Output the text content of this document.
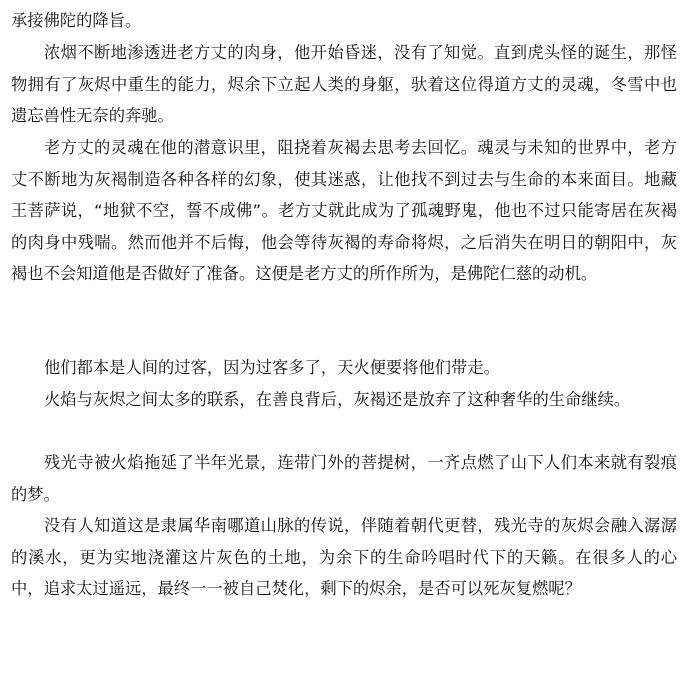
承接佛陀的降旨。

浓烟不断地渗透进老方丈的肉身，他开始昏迷，没有了知觉。直到虎头怪的诞生，那怪物拥有了灰烬中重生的能力，烬余下立起人类的身躯，驮着这位得道方丈的灵魂，冬雪中也遗忘兽性无奈的奔驰。

老方丈的灵魂在他的潜意识里，阻挠着灰褐去思考去回忆。魂灵与未知的世界中，老方丈不断地为灰褐制造各种各样的幻象，使其迷惑，让他找不到过去与生命的本来面目。地藏王菩萨说，“地狱不空，誓不成佛”。老方丈就此成为了孤魂野鬼，他也不过只能寄居在灰褐的肉身中残喘。然而他并不后悔，他会等待灰褐的寿命将烬，之后消失在明日的朝阳中，灰褐也不会知道他是否做好了准备。这便是老方丈的所作所为，是佛陀仁慈的动机。

他们都本是人间的过客，因为过客多了，天火便要将他们带走。

火焰与灰烬之间太多的联系，在善良背后，灰褐还是放弃了这种奢华的生命继续。

残光寺被火焰拖延了半年光景，连带门外的菩提树，一齐点燃了山下人们本来就有裂痕的梦。

没有人知道这是隶属华南哪道山脉的传说，伴随着朝代更替，残光寺的灰烬会融入潺潺的溪水，更为实地浇灌这片灰色的土地，为余下的生命吟唱时代下的天籁。在很多人的心中，追求太过遥远，最终一一被自己焚化，剩下的烬余，是否可以死灰复燃呢？
